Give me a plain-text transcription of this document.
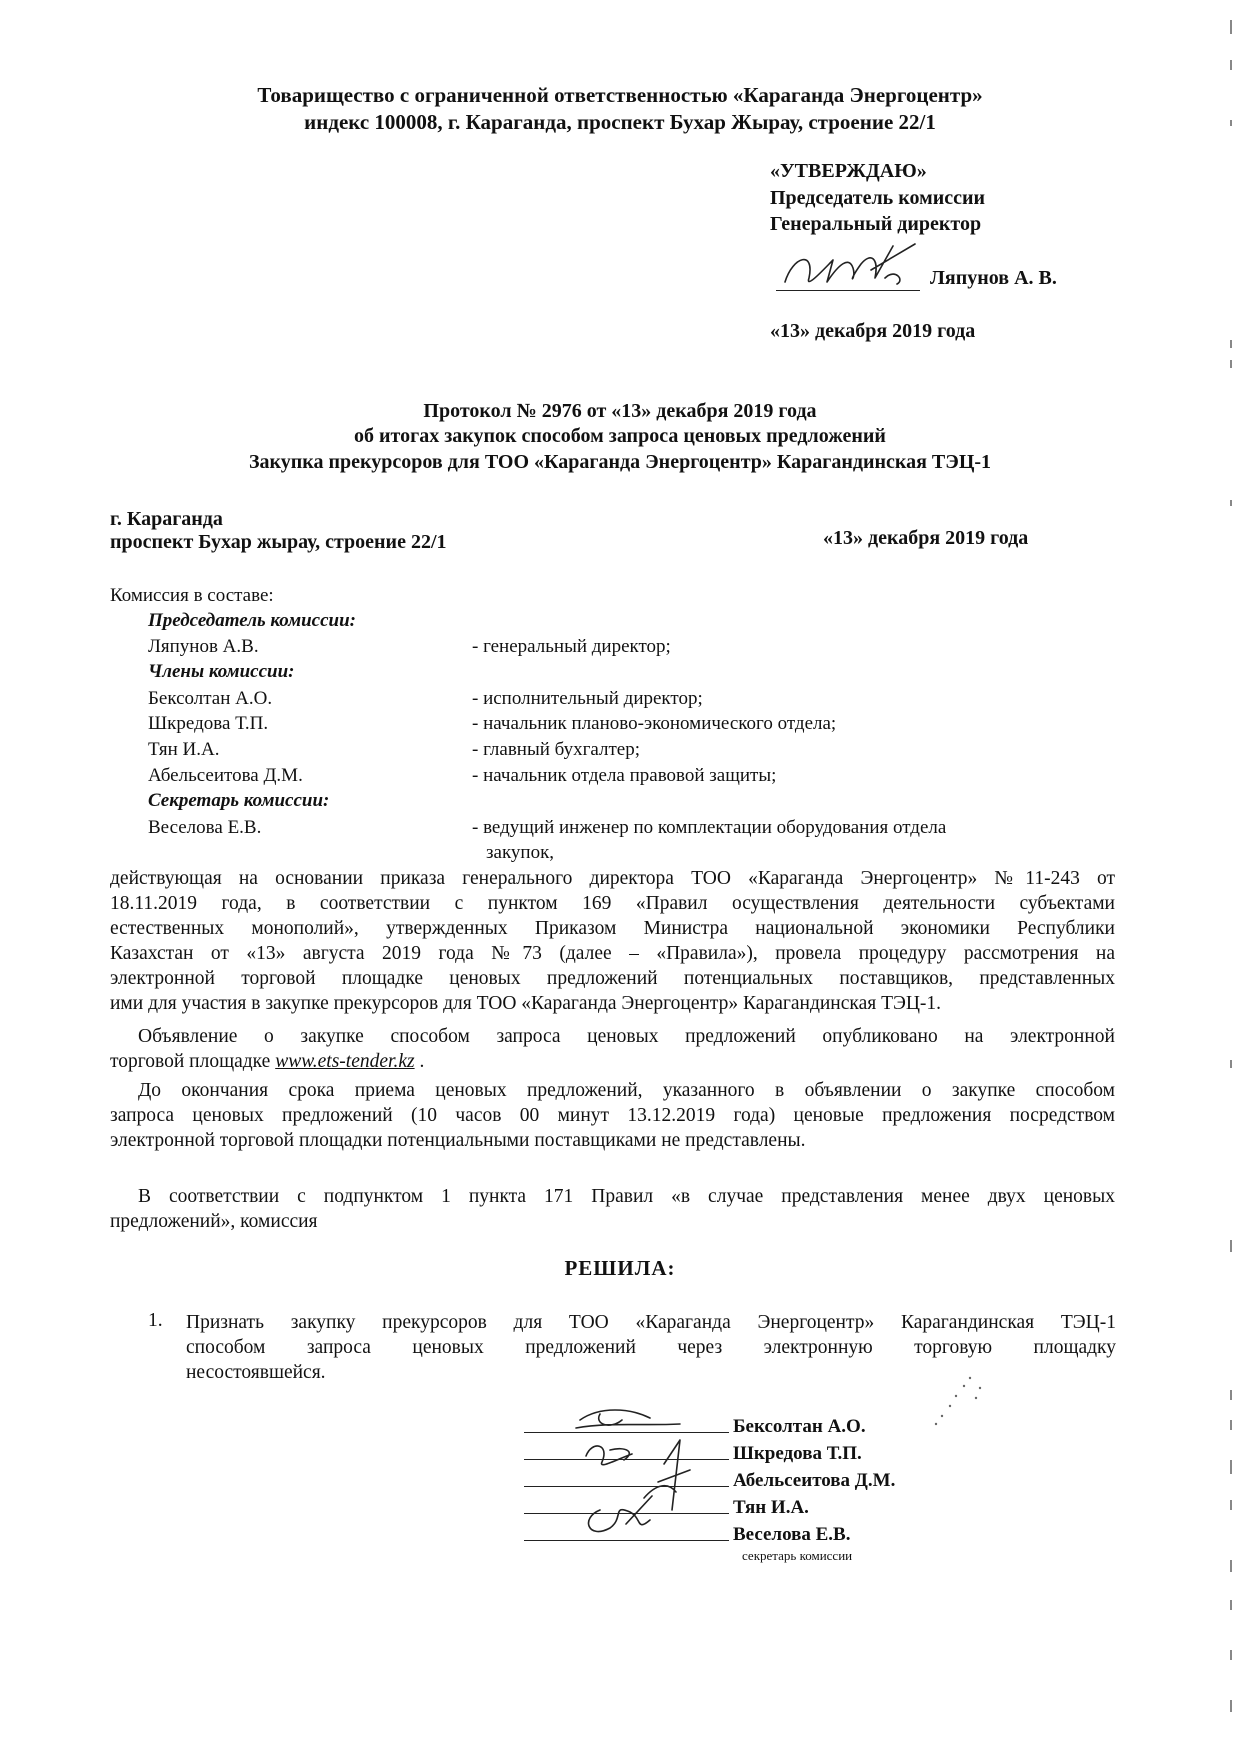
Товарищество с ограниченной ответственностью «Караганда Энергоцентр»
индекс 100008, г. Караганда, проспект Бухар Жырау, строение 22/1
«УТВЕРЖДАЮ»
Председатель комиссии
Генеральный директор
Ляпунов А. В.
«13» декабря 2019 года
Протокол № 2976 от «13» декабря 2019 года
об итогах закупок способом запроса ценовых предложений
Закупка прекурсоров для ТОО «Караганда Энергоцентр» Карагандинская ТЭЦ-1
г. Караганда
проспект Бухар жырау, строение 22/1	«13» декабря 2019 года
Комиссия в составе:
Председатель комиссии:
Ляпунов А.В.	- генеральный директор;
Члены комиссии:
Бексолтан А.О.	- исполнительный директор;
Шкредова Т.П.	- начальник планово-экономического отдела;
Тян И.А.	- главный бухгалтер;
Абельсеитова Д.М.	- начальник отдела правовой защиты;
Секретарь комиссии:
Веселова Е.В.	- ведущий инженер по комплектации оборудования отдела
закупок,
действующая на основании приказа генерального директора ТОО «Караганда Энергоцентр» №11-243 от
18.11.2019 года, в соответствии с пунктом 169 «Правил осуществления деятельности субъектами
естественных монополий», утвержденных Приказом Министра национальной экономики Республики
Казахстан от «13» августа 2019 года №73 (далее – «Правила»), провела процедуру рассмотрения на
электронной торговой площадке ценовых предложений потенциальных поставщиков, представленных
ими для участия в закупке прекурсоров для ТОО «Караганда Энергоцентр» Карагандинская ТЭЦ-1.
Объявление о закупке способом запроса ценовых предложений опубликовано на электронной
торговой площадке www.ets-tender.kz .
До окончания срока приема ценовых предложений, указанного в объявлении о закупке способом
запроса ценовых предложений (10 часов 00 минут 13.12.2019 года) ценовые предложения посредством
электронной торговой площадки потенциальными поставщиками не представлены.
В соответствии с подпунктом 1 пункта 171 Правил «в случае представления менее двух ценовых
предложений», комиссия
РЕШИЛА:
1. Признать закупку прекурсоров для ТОО «Караганда Энергоцентр» Карагандинская ТЭЦ-1
способом запроса ценовых предложений через электронную торговую площадку
несостоявшейся.
Бексолтан А.О.
Шкредова Т.П.
Абельсеитова Д.М.
Тян И.А.
Веселова Е.В.
секретарь комиссии
